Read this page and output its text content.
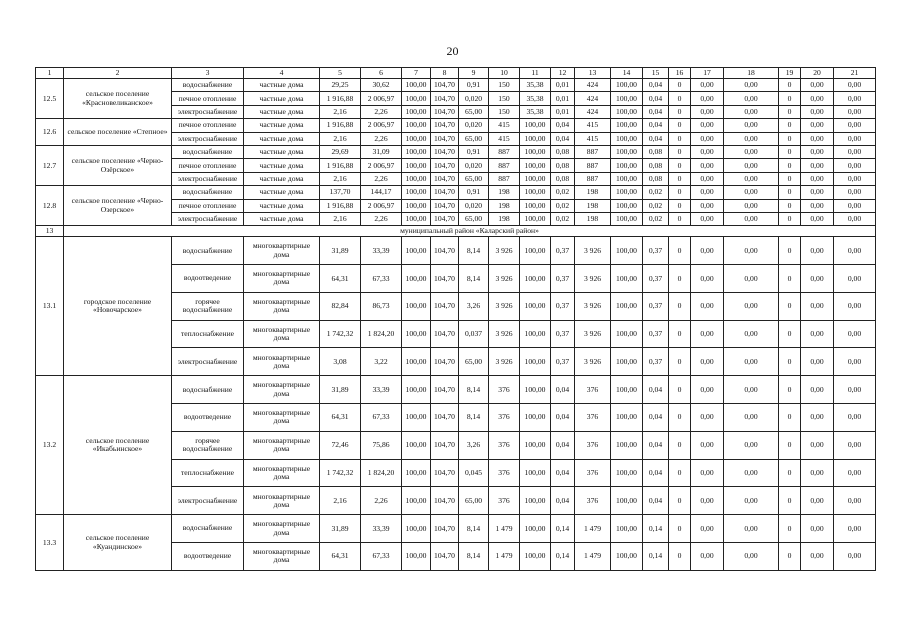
20
1	2	3	4	5	6	7	8	9	10	11	12	13	14	15	16	17	18	19	20	21
12.5	сельское поселение «Красновеликанское»	водоснабжение	частные дома	29,25	30,62	100,00	104,70	0,91	150	35,38	0,01	424	100,00	0,04	0	0,00	0,00	0	0,00	0,00
		печное отопление	частные дома	1 916,88	2 006,97	100,00	104,70	0,020	150	35,38	0,01	424	100,00	0,04	0	0,00	0,00	0	0,00	0,00
		электроснабжение	частные дома	2,16	2,26	100,00	104,70	65,00	150	35,38	0,01	424	100,00	0,04	0	0,00	0,00	0	0,00	0,00
12.6	сельское поселение «Степное»	печное отопление	частные дома	1 916,88	2 006,97	100,00	104,70	0,020	415	100,00	0,04	415	100,00	0,04	0	0,00	0,00	0	0,00	0,00
		электроснабжение	частные дома	2,16	2,26	100,00	104,70	65,00	415	100,00	0,04	415	100,00	0,04	0	0,00	0,00	0	0,00	0,00
12.7	сельское поселение «Черно-Озёрское»	водоснабжение	частные дома	29,69	31,09	100,00	104,70	0,91	887	100,00	0,08	887	100,00	0,08	0	0,00	0,00	0	0,00	0,00
		печное отопление	частные дома	1 916,88	2 006,97	100,00	104,70	0,020	887	100,00	0,08	887	100,00	0,08	0	0,00	0,00	0	0,00	0,00
		электроснабжение	частные дома	2,16	2,26	100,00	104,70	65,00	887	100,00	0,08	887	100,00	0,08	0	0,00	0,00	0	0,00	0,00
12.8	сельское поселение «Черно-Озерское»	водоснабжение	частные дома	137,70	144,17	100,00	104,70	0,91	198	100,00	0,02	198	100,00	0,02	0	0,00	0,00	0	0,00	0,00
		печное отопление	частные дома	1 916,88	2 006,97	100,00	104,70	0,020	198	100,00	0,02	198	100,00	0,02	0	0,00	0,00	0	0,00	0,00
		электроснабжение	частные дома	2,16	2,26	100,00	104,70	65,00	198	100,00	0,02	198	100,00	0,02	0	0,00	0,00	0	0,00	0,00
13	муниципальный район «Каларский район»																			
13.1	городское поселение «Новочарское»	водоснабжение	многоквартирные дома	31,89	33,39	100,00	104,70	8,14	3 926	100,00	0,37	3 926	100,00	0,37	0	0,00	0,00	0	0,00	0,00
		водоотведение	многоквартирные дома	64,31	67,33	100,00	104,70	8,14	3 926	100,00	0,37	3 926	100,00	0,37	0	0,00	0,00	0	0,00	0,00
		горячее водоснабжение	многоквартирные дома	82,84	86,73	100,00	104,70	3,26	3 926	100,00	0,37	3 926	100,00	0,37	0	0,00	0,00	0	0,00	0,00
		теплоснабжение	многоквартирные дома	1 742,32	1 824,20	100,00	104,70	0,037	3 926	100,00	0,37	3 926	100,00	0,37	0	0,00	0,00	0	0,00	0,00
		электроснабжение	многоквартирные дома	3,08	3,22	100,00	104,70	65,00	3 926	100,00	0,37	3 926	100,00	0,37	0	0,00	0,00	0	0,00	0,00
13.2	сельское поселение «Икабьинское»	водоснабжение	многоквартирные дома	31,89	33,39	100,00	104,70	8,14	376	100,00	0,04	376	100,00	0,04	0	0,00	0,00	0	0,00	0,00
		водоотведение	многоквартирные дома	64,31	67,33	100,00	104,70	8,14	376	100,00	0,04	376	100,00	0,04	0	0,00	0,00	0	0,00	0,00
		горячее водоснабжение	многоквартирные дома	72,46	75,86	100,00	104,70	3,26	376	100,00	0,04	376	100,00	0,04	0	0,00	0,00	0	0,00	0,00
		теплоснабжение	многоквартирные дома	1 742,32	1 824,20	100,00	104,70	0,045	376	100,00	0,04	376	100,00	0,04	0	0,00	0,00	0	0,00	0,00
		электроснабжение	многоквартирные дома	2,16	2,26	100,00	104,70	65,00	376	100,00	0,04	376	100,00	0,04	0	0,00	0,00	0	0,00	0,00
13.3	сельское поселение «Куандинское»	водоснабжение	многоквартирные дома	31,89	33,39	100,00	104,70	8,14	1 479	100,00	0,14	1 479	100,00	0,14	0	0,00	0,00	0	0,00	0,00
		водоотведение	многоквартирные дома	64,31	67,33	100,00	104,70	8,14	1 479	100,00	0,14	1 479	100,00	0,14	0	0,00	0,00	0	0,00	0,00
